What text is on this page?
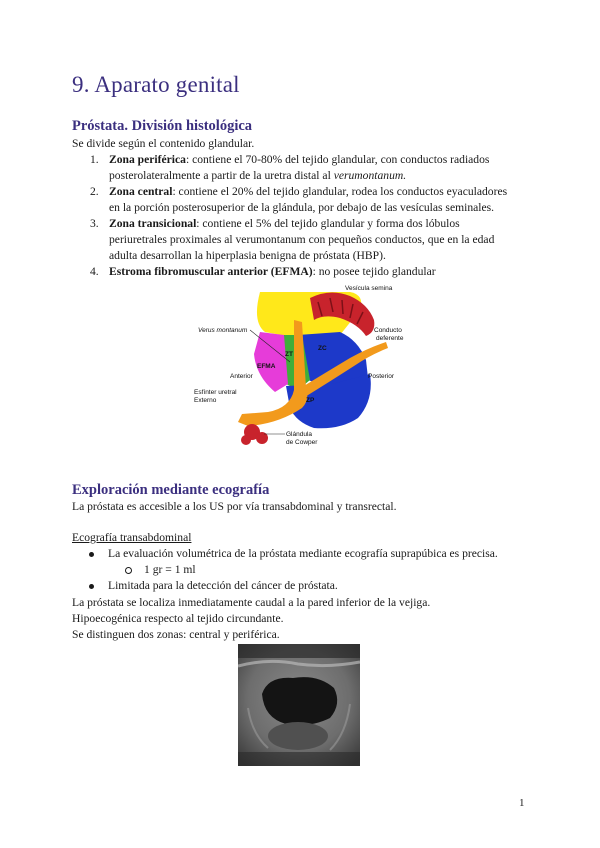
9. Aparato genital
Próstata. División histológica

Se divide según el contenido glandular.

1. Zona periférica: contiene el 70-80% del tejido glandular, con conductos radiados
posterolateralmente a partir de la uretra distal al verumontanum.
2. Zona central: contiene el 20% del tejido glandular, rodea los conductos eyaculadores
en la porción posterosuperior de la glándula, por debajo de las vesículas seminales.
3. Zona transicional: contiene el 5% del tejido glandular y forma dos lóbulos
periuretrales proximales al verumontanum con pequeños conductos, que en la edad
adulta desarrollan la hiperplasia benigna de próstata (HBP).
4. Estroma fibromuscular anterior (EFMA): no posee tejido glandular
ZT
ZC
EFMA
ZP
Vesícula semina
Conducto
deferente
Verus montanum
Anterior	Posterior
Esfínter uretral
Externo
Glándula
de Cowper
Exploración mediante ecografía

La próstata es accesible a los US por vía transabdominal y transrectal.

Ecografía transabdominal

La evaluación volumétrica de la próstata mediante ecografía suprapúbica es precisa.
1 gr = 1 ml
Limitada para la detección del cáncer de próstata.

La próstata se localiza inmediatamente caudal a la pared inferior de la vejiga.

Hipoecogénica respecto al tejido circundante.

Se distinguen dos zonas: central y periférica.

1
